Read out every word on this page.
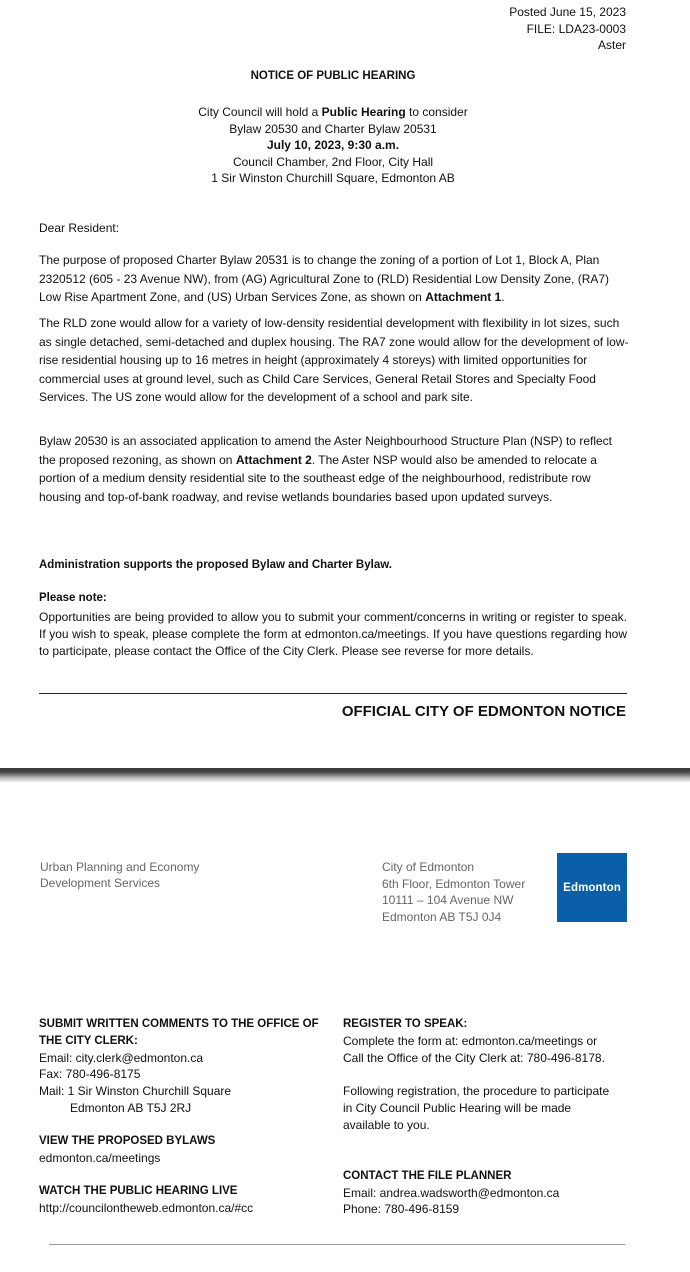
Posted June 15, 2023
FILE: LDA23-0003
Aster
NOTICE OF PUBLIC HEARING
City Council will hold a Public Hearing to consider
Bylaw 20530 and Charter Bylaw 20531
July 10, 2023, 9:30 a.m.
Council Chamber, 2nd Floor, City Hall
1 Sir Winston Churchill Square, Edmonton AB
Dear Resident:
The purpose of proposed Charter Bylaw 20531 is to change the zoning of a portion of Lot 1, Block A, Plan 2320512 (605 - 23 Avenue NW), from (AG) Agricultural Zone to (RLD) Residential Low Density Zone, (RA7) Low Rise Apartment Zone, and (US) Urban Services Zone, as shown on Attachment 1.
The RLD zone would allow for a variety of low-density residential development with flexibility in lot sizes, such as single detached, semi-detached and duplex housing. The RA7 zone would allow for the development of low-rise residential housing up to 16 metres in height (approximately 4 storeys) with limited opportunities for commercial uses at ground level, such as Child Care Services, General Retail Stores and Specialty Food Services. The US zone would allow for the development of a school and park site.
Bylaw 20530 is an associated application to amend the Aster Neighbourhood Structure Plan (NSP) to reflect the proposed rezoning, as shown on Attachment 2. The Aster NSP would also be amended to relocate a portion of a medium density residential site to the southeast edge of the neighbourhood, redistribute row housing and top-of-bank roadway, and revise wetlands boundaries based upon updated surveys.
Administration supports the proposed Bylaw and Charter Bylaw.
Please note:
Opportunities are being provided to allow you to submit your comment/concerns in writing or register to speak. If you wish to speak, please complete the form at edmonton.ca/meetings. If you have questions regarding how to participate, please contact the Office of the City Clerk. Please see reverse for more details.
OFFICIAL CITY OF EDMONTON NOTICE
Urban Planning and Economy
Development Services
City of Edmonton
6th Floor, Edmonton Tower
10111 – 104 Avenue NW
Edmonton AB T5J 0J4
Edmonton
SUBMIT WRITTEN COMMENTS TO THE OFFICE OF THE CITY CLERK:
Email: city.clerk@edmonton.ca
Fax: 780-496-8175
Mail: 1 Sir Winston Churchill Square
Edmonton AB T5J 2RJ
VIEW THE PROPOSED BYLAWS
edmonton.ca/meetings
WATCH THE PUBLIC HEARING LIVE
http://councilontheweb.edmonton.ca/#cc
REGISTER TO SPEAK:
Complete the form at: edmonton.ca/meetings or
Call the Office of the City Clerk at: 780-496-8178.
Following registration, the procedure to participate in City Council Public Hearing will be made available to you.
CONTACT THE FILE PLANNER
Email: andrea.wadsworth@edmonton.ca
Phone: 780-496-8159
